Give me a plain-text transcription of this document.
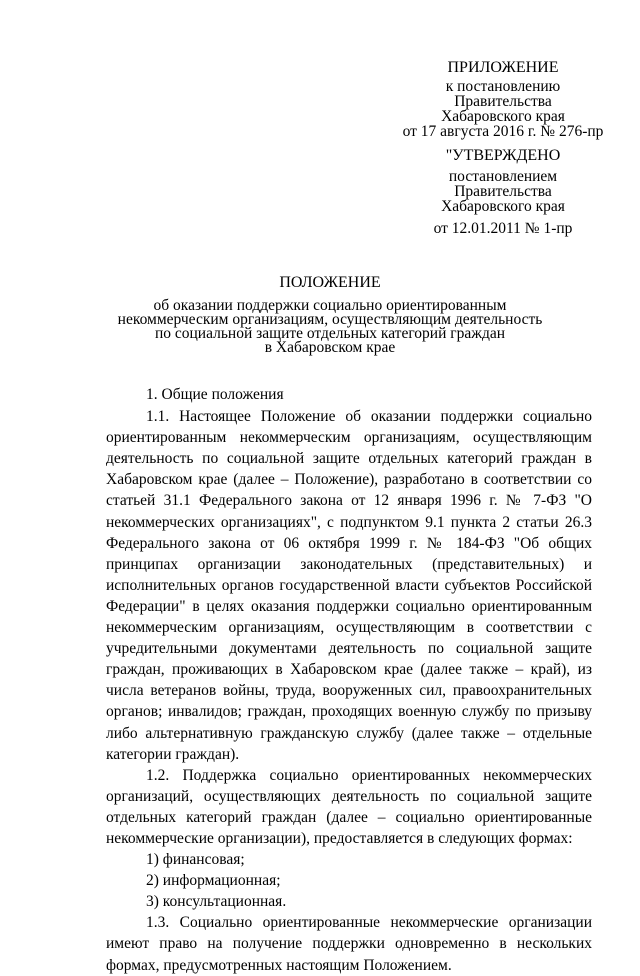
ПРИЛОЖЕНИЕ
к постановлению
Правительства
Хабаровского края
от 17 августа 2016 г. № 276-пр
"УТВЕРЖДЕНО
постановлением
Правительства
Хабаровского края
от 12.01.2011 № 1-пр
ПОЛОЖЕНИЕ
об оказании поддержки социально ориентированным
некоммерческим организациям, осуществляющим деятельность
по социальной защите отдельных категорий граждан
в Хабаровском крае
1. Общие положения

1.1. Настоящее Положение об оказании поддержки социально ориентированным некоммерческим организациям, осуществляющим деятельность по социальной защите отдельных категорий граждан в Хабаровском крае (далее – Положение), разработано в соответствии со статьей 31.1 Федерального закона от 12 января 1996 г. № 7-ФЗ "О некоммерческих организациях", с подпунктом 9.1 пункта 2 статьи 26.3 Федерального закона от 06 октября 1999 г. № 184-ФЗ "Об общих принципах организации законодательных (представительных) и исполнительных органов государственной власти субъектов Российской Федерации" в целях оказания поддержки социально ориентированным некоммерческим организациям, осуществляющим в соответствии с учредительными документами деятельность по социальной защите граждан, проживающих в Хабаровском крае (далее также – край), из числа ветеранов войны, труда, вооруженных сил, правоохранительных органов; инвалидов; граждан, проходящих военную службу по призыву либо альтернативную гражданскую службу (далее также – отдельные категории граждан).

1.2. Поддержка социально ориентированных некоммерческих организаций, осуществляющих деятельность по социальной защите отдельных категорий граждан (далее – социально ориентированные некоммерческие организации), предоставляется в следующих формах:

1) финансовая;
2) информационная;
3) консультационная.

1.3. Социально ориентированные некоммерческие организации имеют право на получение поддержки одновременно в нескольких формах, предусмотренных настоящим Положением.
